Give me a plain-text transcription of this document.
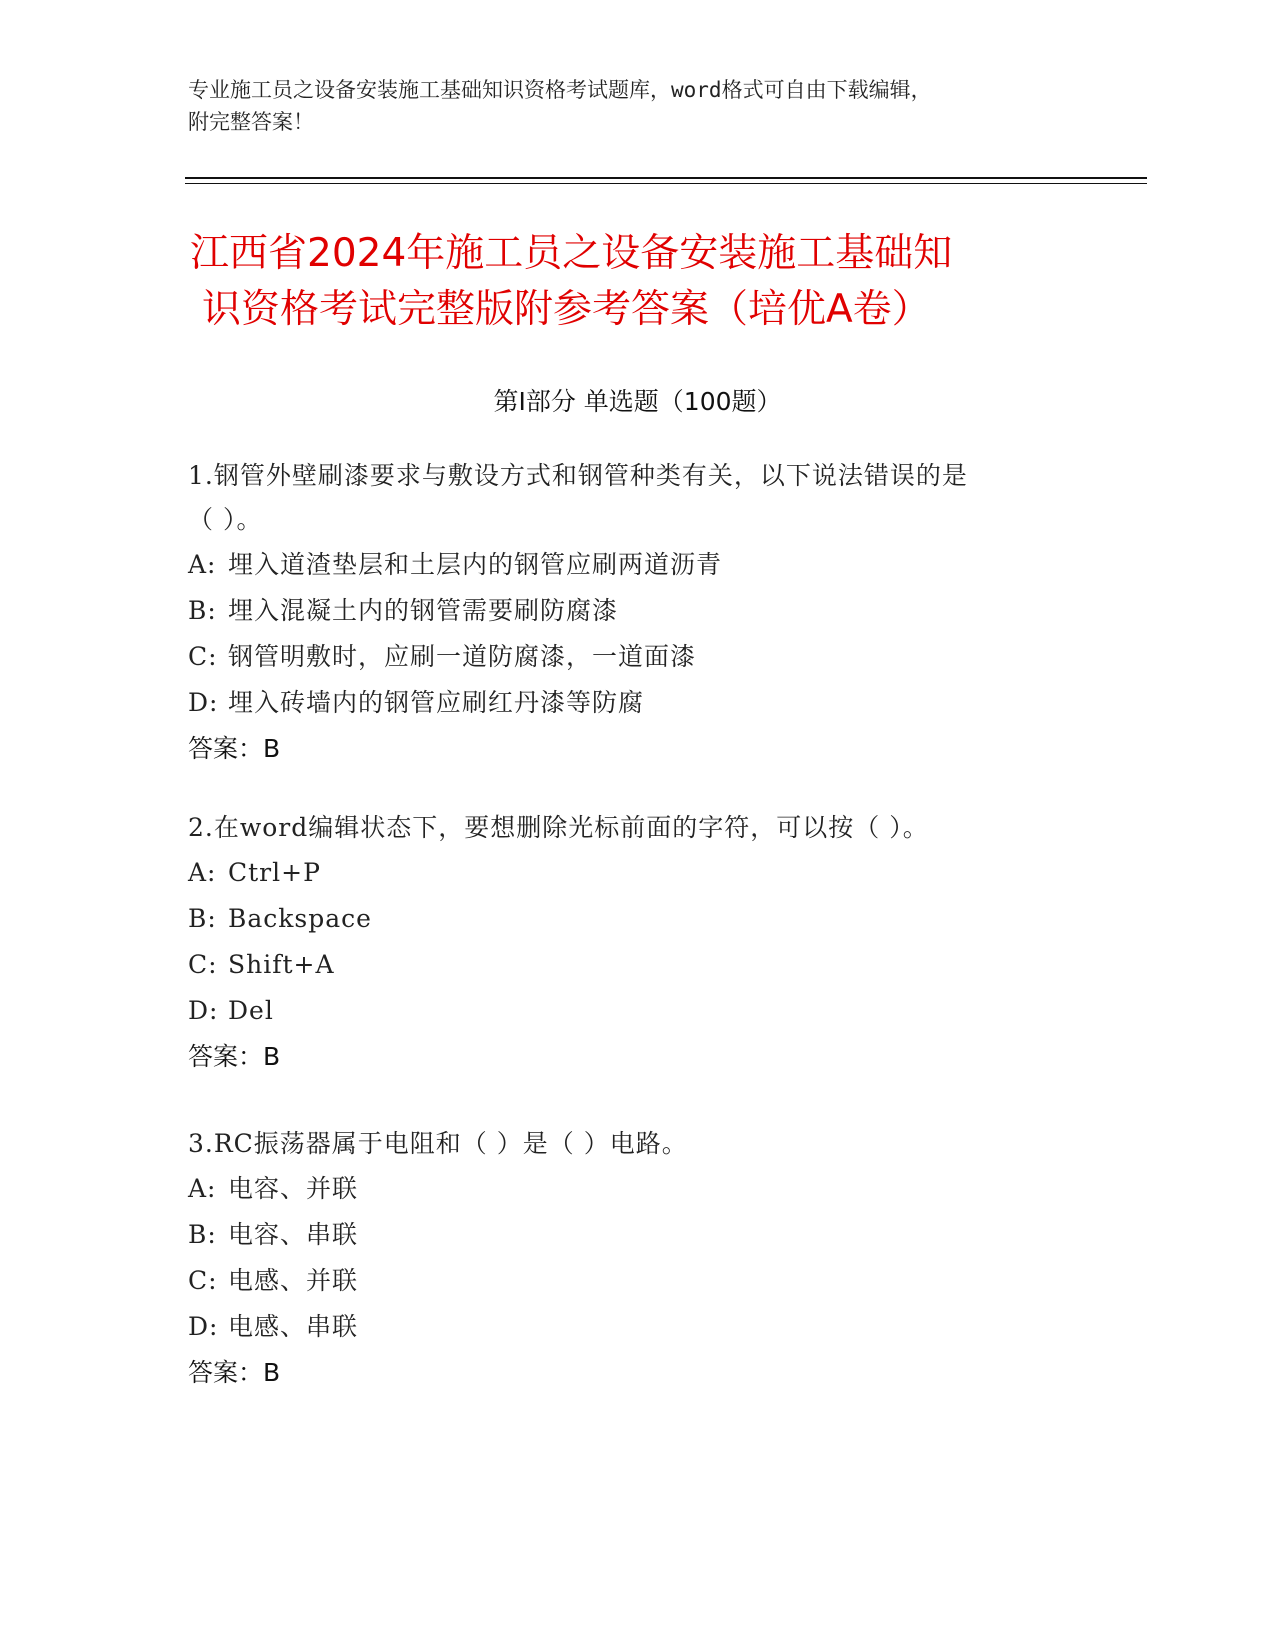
专业施工员之设备安装施工基础知识资格考试题库，word格式可自由下载编辑，
附完整答案！
江西省2024年施工员之设备安装施工基础知
识资格考试完整版附参考答案（培优A卷）
第Ⅰ部分 单选题（100题）

1.钢管外壁刷漆要求与敷设方式和钢管种类有关，以下说法错误的是

（ ）。

A: 埋入道渣垫层和土层内的钢管应刷两道沥青

B: 埋入混凝土内的钢管需要刷防腐漆

C: 钢管明敷时，应刷一道防腐漆，一道面漆

D: 埋入砖墙内的钢管应刷红丹漆等防腐

答案：B

2.在word编辑状态下，要想删除光标前面的字符，可以按（ ）。

A: Ctrl+P

B: Backspace

C: Shift+A

D: Del

答案：B

3.RC振荡器属于电阻和（ ）是（ ）电路。

A: 电容、并联

B: 电容、串联

C: 电感、并联

D: 电感、串联

答案：B
